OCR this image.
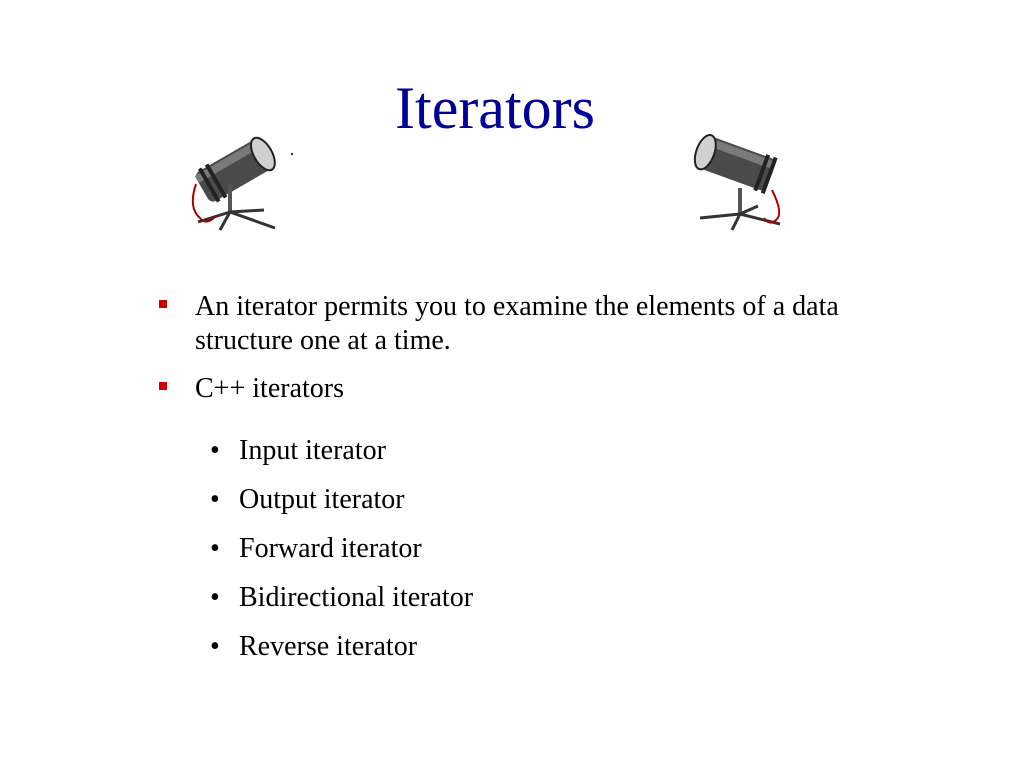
Iterators
An iterator permits you to examine the elements of a data structure one at a time.
C++ iterators
• Input iterator
• Output iterator
• Forward iterator
• Bidirectional iterator
• Reverse iterator
